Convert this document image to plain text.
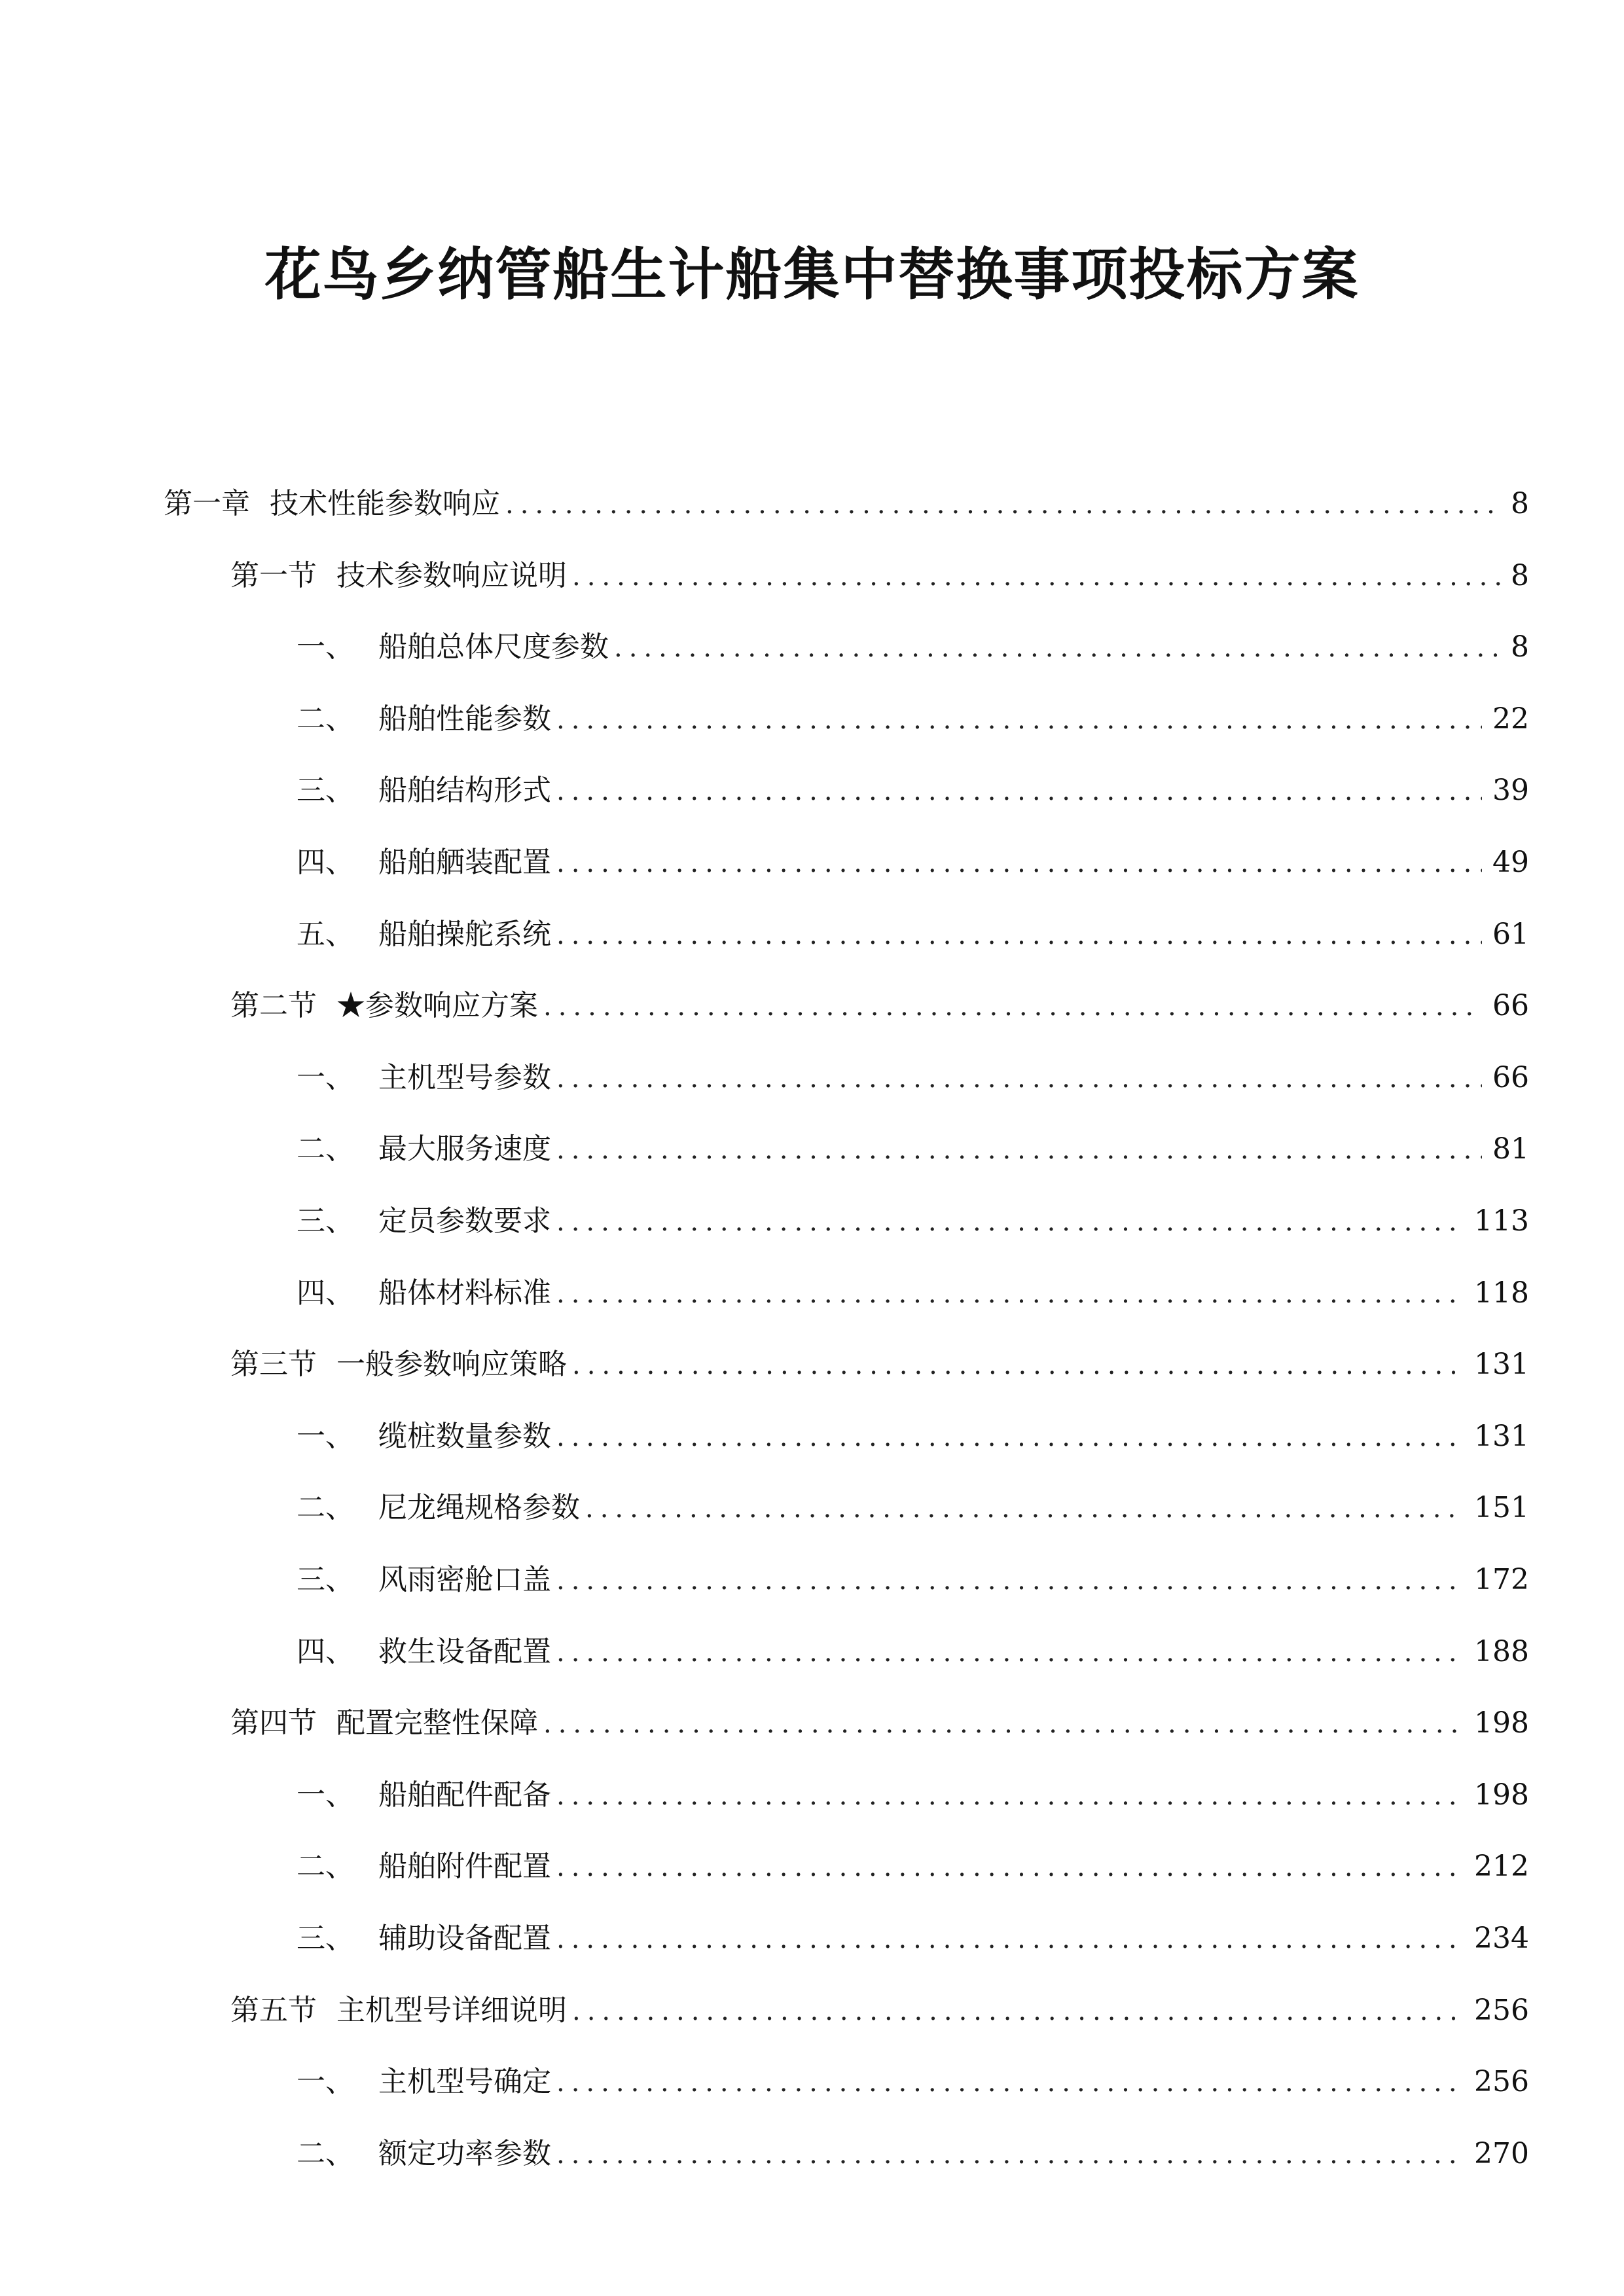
花鸟乡纳管船生计船集中替换事项投标方案
第一章 技术性能参数响应 .....	8
第一节 技术参数响应说明 .....	8
一、 船舶总体尺度参数 .....	8
二、 船舶性能参数 .....	22
三、 船舶结构形式 .....	39
四、 船舶舾装配置 .....	49
五、 船舶操舵系统 .....	61
第二节 ★参数响应方案 .....	66
一、 主机型号参数 .....	66
二、 最大服务速度 .....	81
三、 定员参数要求 .....	113
四、 船体材料标准 .....	118
第三节 一般参数响应策略 .....	131
一、 缆桩数量参数 .....	131
二、 尼龙绳规格参数 .....	151
三、 风雨密舱口盖 .....	172
四、 救生设备配置 .....	188
第四节 配置完整性保障 .....	198
一、 船舶配件配备 .....	198
二、 船舶附件配置 .....	212
三、 辅助设备配置 .....	234
第五节 主机型号详细说明 .....	256
一、 主机型号确定 .....	256
二、 额定功率参数 .....	270
